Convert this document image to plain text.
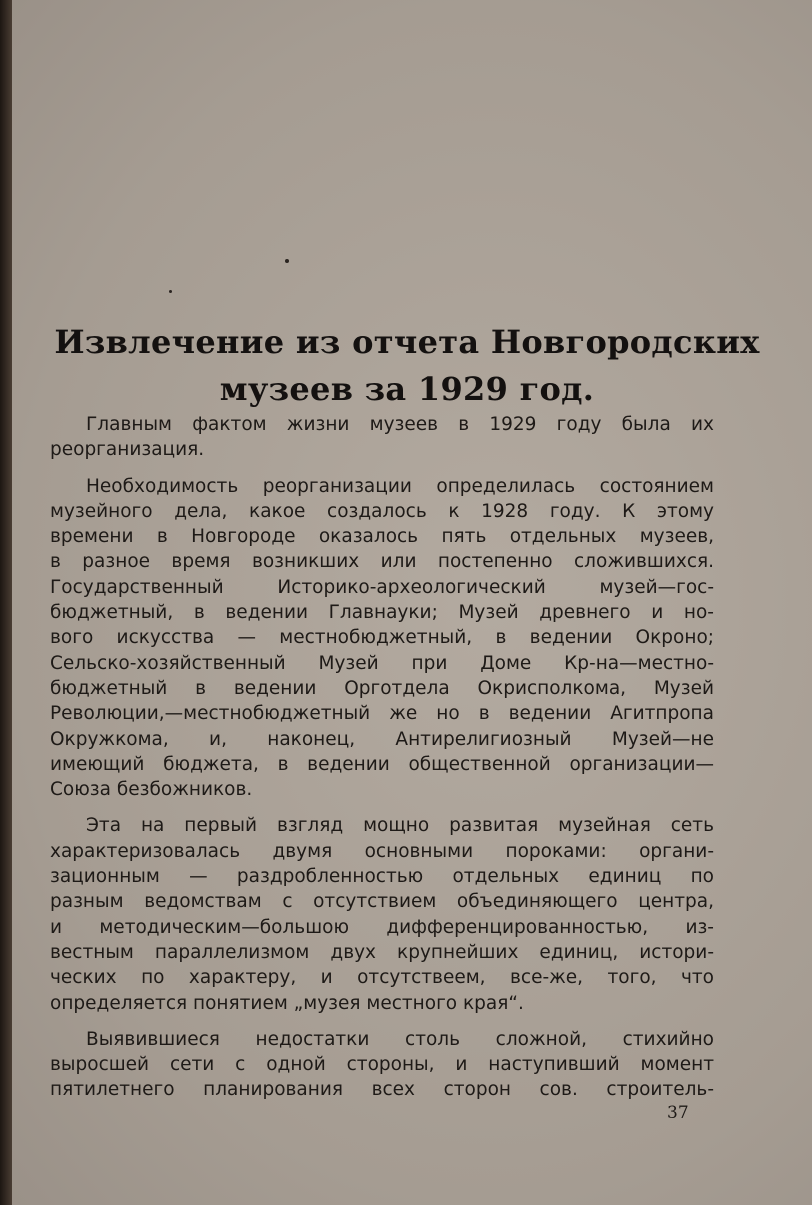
Извлечение из отчета Новгородских
музеев за 1929 год.
Главным фактом жизни музеев в 1929 году была их
реорганизация.
Необходимость реорганизации определилась состоянием
музейного дела, какое создалось к 1928 году. К этому
времени в Новгороде оказалось пять отдельных музеев,
в разное время возникших или постепенно сложившихся.
Государственный Историко-археологический музей—гос-
бюджетный, в ведении Главнауки; Музей древнего и но-
вого искусства — местнобюджетный, в ведении Окроно;
Сельско-хозяйственный Музей при Доме Кр-на—местно-
бюджетный в ведении Орготдела Окрисполкома, Музей
Революции,—местнобюджетный же но в ведении Агитпропа
Окружкома, и, наконец, Антирелигиозный Музей—не
имеющий бюджета, в ведении общественной организации—
Союза безбожников.
Эта на первый взгляд мощно развитая музейная сеть
характеризовалась двумя основными пороками: органи-
зационным — раздробленностью отдельных единиц по
разным ведомствам с отсутствием объединяющего центра,
и методическим—большою дифференцированностью, из-
вестным параллелизмом двух крупнейших единиц, истори-
ческих по характеру, и отсутствеем, все-же, того, что
определяется понятием „музея местного края“.
Выявившиеся недостатки столь сложной, стихийно
выросшей сети с одной стороны, и наступивший момент
пятилетнего планирования всех сторон сов. строитель-
37
